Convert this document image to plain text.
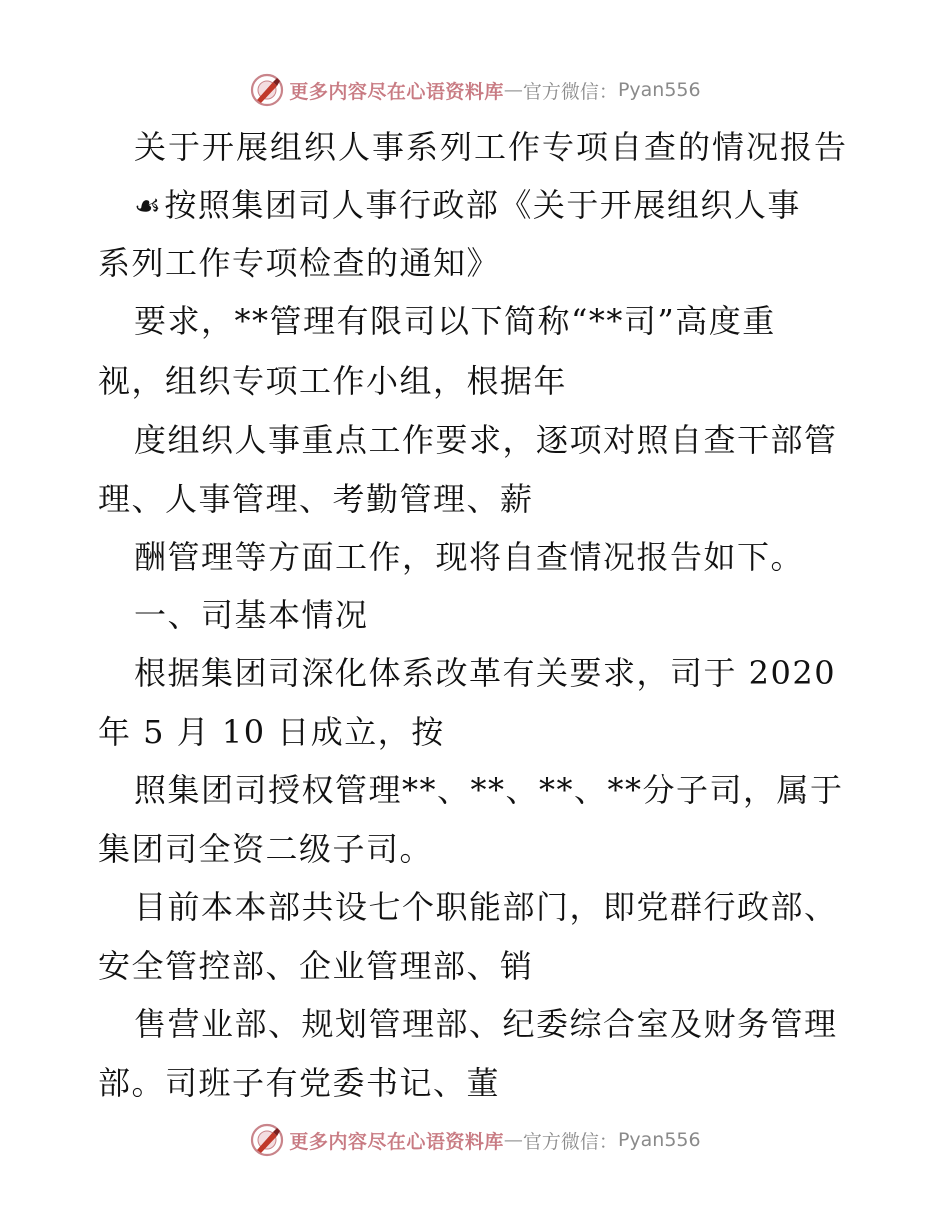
更多内容尽在心语资料库 — 官方微信： Pyan556
关于开展组织人事系列工作专项自查的情况报告
☙按照集团司人事行政部《关于开展组织人事
系列工作专项检查的通知》
要求，**管理有限司以下简称“**司”高度重
视，组织专项工作小组，根据年
度组织人事重点工作要求，逐项对照自查干部管
理、人事管理、考勤管理、薪
酬管理等方面工作，现将自查情况报告如下。
一、司基本情况
根据集团司深化体系改革有关要求，司于 2020
年 5 月 10 日成立，按
照集团司授权管理**、**、**、**分子司，属于
集团司全资二级子司。
目前本本部共设七个职能部门，即党群行政部、
安全管控部、企业管理部、销
售营业部、规划管理部、纪委综合室及财务管理
部。司班子有党委书记、董
更多内容尽在心语资料库 — 官方微信： Pyan556
